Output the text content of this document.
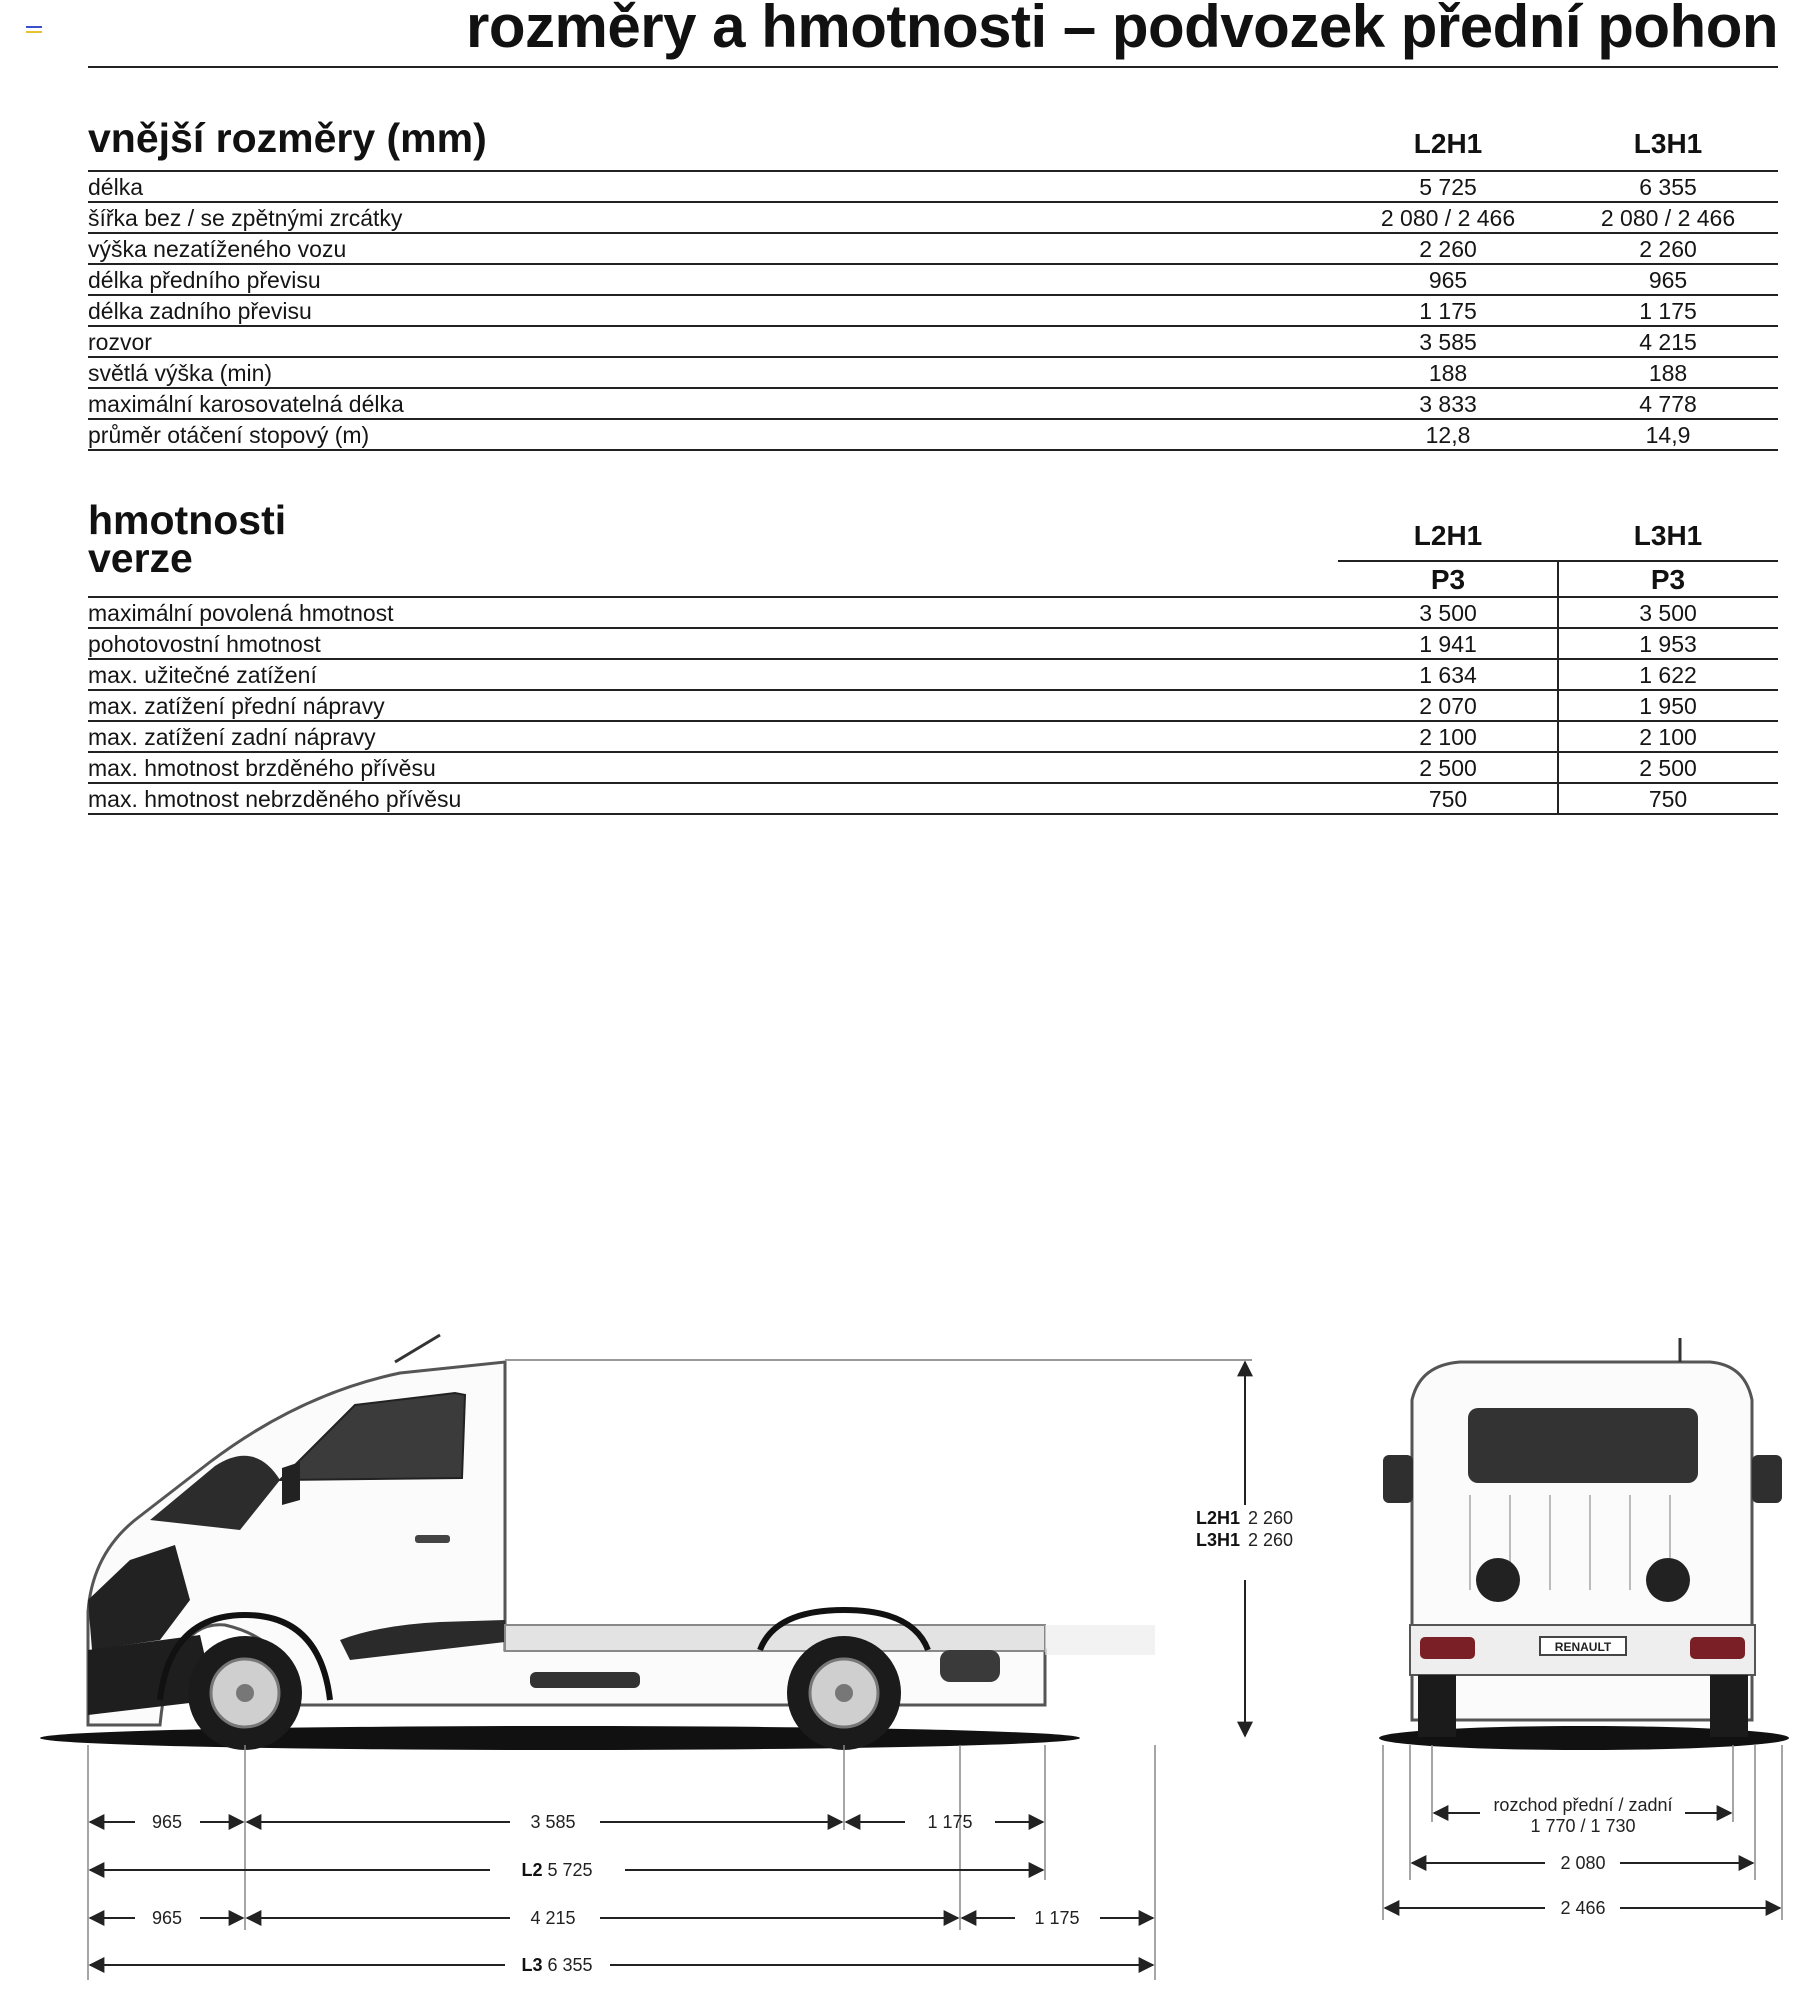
rozměry a hmotnosti – podvozek přední pohon
vnější rozměry (mm)	L2H1	L3H1
délka	5 725	6 355
šířka bez / se zpětnými zrcátky	2 080 / 2 466	2 080 / 2 466
výška nezatíženého vozu	2 260	2 260
délka předního převisu	965	965
délka zadního převisu	1 175	1 175
rozvor	3 585	4 215
světlá výška (min)	188	188
maximální karosovatelná délka	3 833	4 778
průměr otáčení stopový (m)	12,8	14,9
hmotnosti
verze	L2H1	L3H1
P3	P3
maximální povolená hmotnost	3 500	3 500
pohotovostní hmotnost	1 941	1 953
max. užitečné zatížení	1 634	1 622
max. zatížení přední nápravy	2 070	1 950
max. zatížení zadní nápravy	2 100	2 100
max. hmotnost brzděného přívěsu	2 500	2 500
max. hmotnost nebrzděného přívěsu	750	750
L2H1 2 260
L3H1 2 260
965	3 585	1 175
L2 5 725
965	4 215	1 175
L3 6 355
RENAULT
rozchod přední / zadní
1 770 / 1 730
2 080
2 466
